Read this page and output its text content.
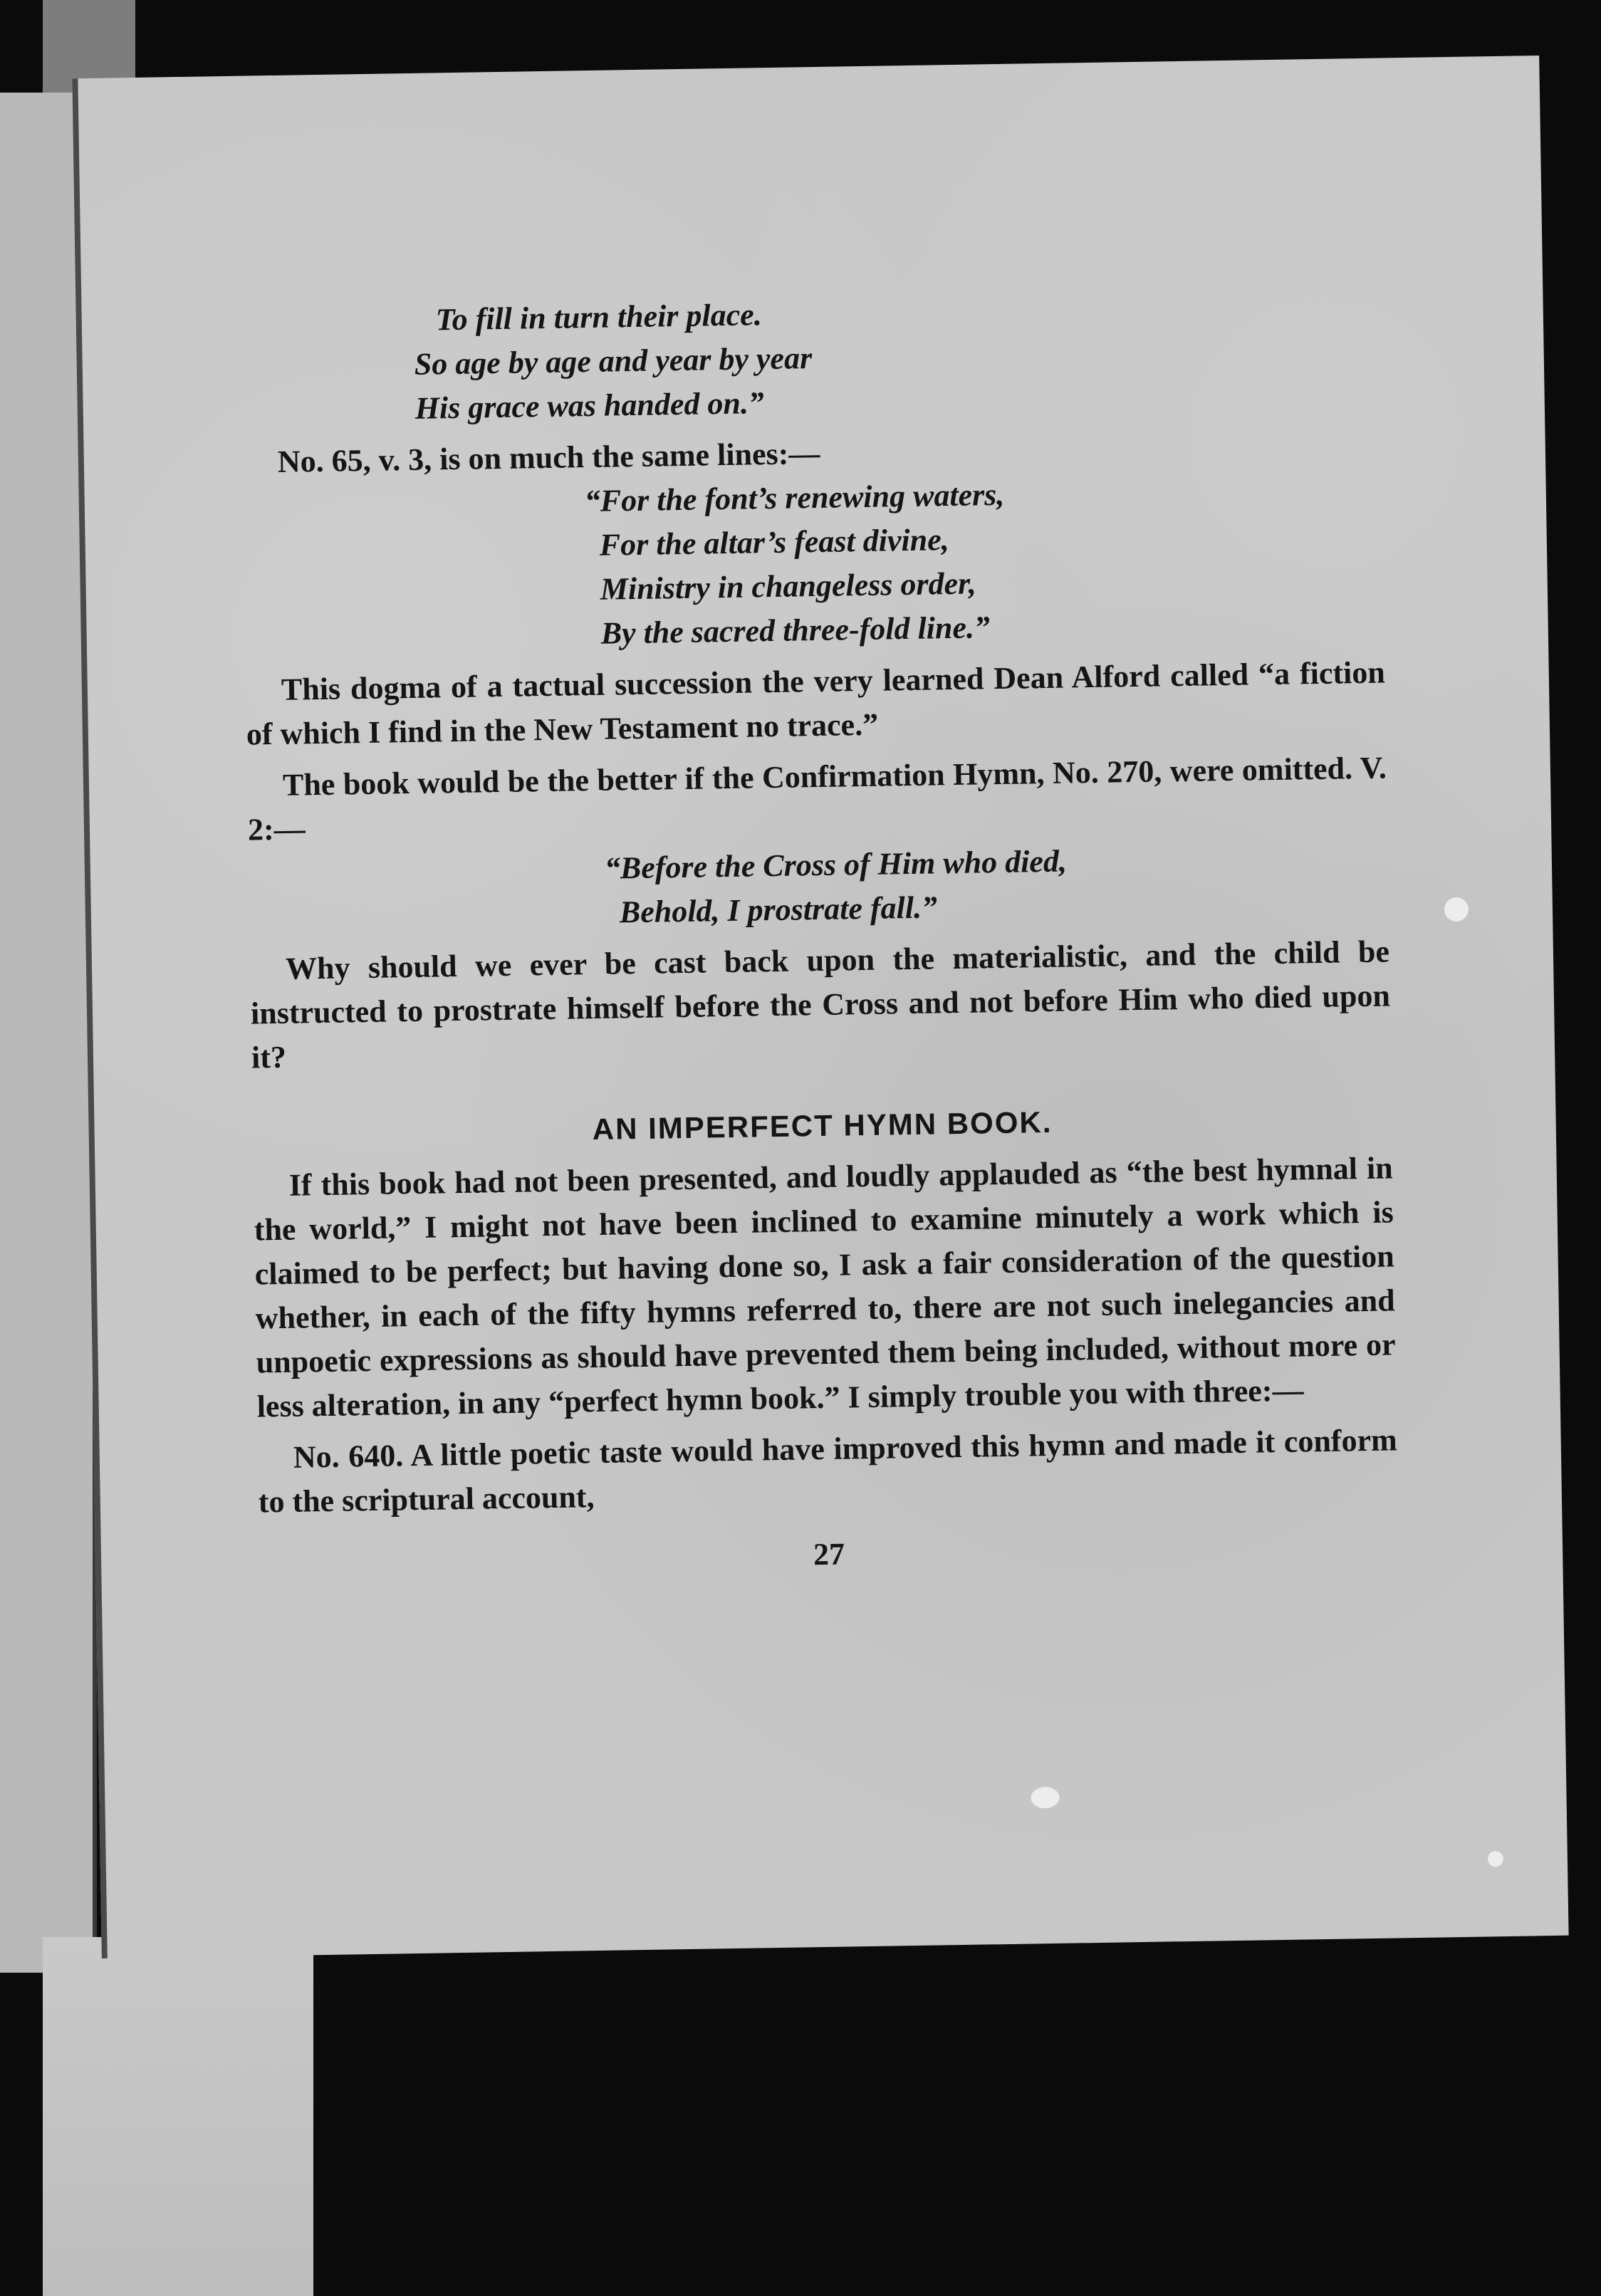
To fill in turn their place.
So age by age and year by year
His grace was handed on.”

No. 65, v. 3, is on much the same lines:—

“For the font’s renewing waters,
For the altar’s feast divine,
Ministry in changeless order,
By the sacred three-fold line.”

This dogma of a tactual succession the very learned Dean Alford called “a fiction of which I find in the New Testament no trace.”

The book would be the better if the Confirmation Hymn, No. 270, were omitted. V. 2:—

“Before the Cross of Him who died,
Behold, I prostrate fall.”

Why should we ever be cast back upon the materialistic, and the child be instructed to prostrate himself before the Cross and not before Him who died upon it?

AN IMPERFECT HYMN BOOK.

If this book had not been presented, and loudly applauded as “the best hymnal in the world,” I might not have been inclined to examine minutely a work which is claimed to be perfect; but having done so, I ask a fair consideration of the question whether, in each of the fifty hymns referred to, there are not such inelegancies and unpoetic expressions as should have prevented them being included, without more or less alteration, in any “perfect hymn book.” I simply trouble you with three:—

No. 640. A little poetic taste would have improved this hymn and made it conform to the scriptural account,

27
